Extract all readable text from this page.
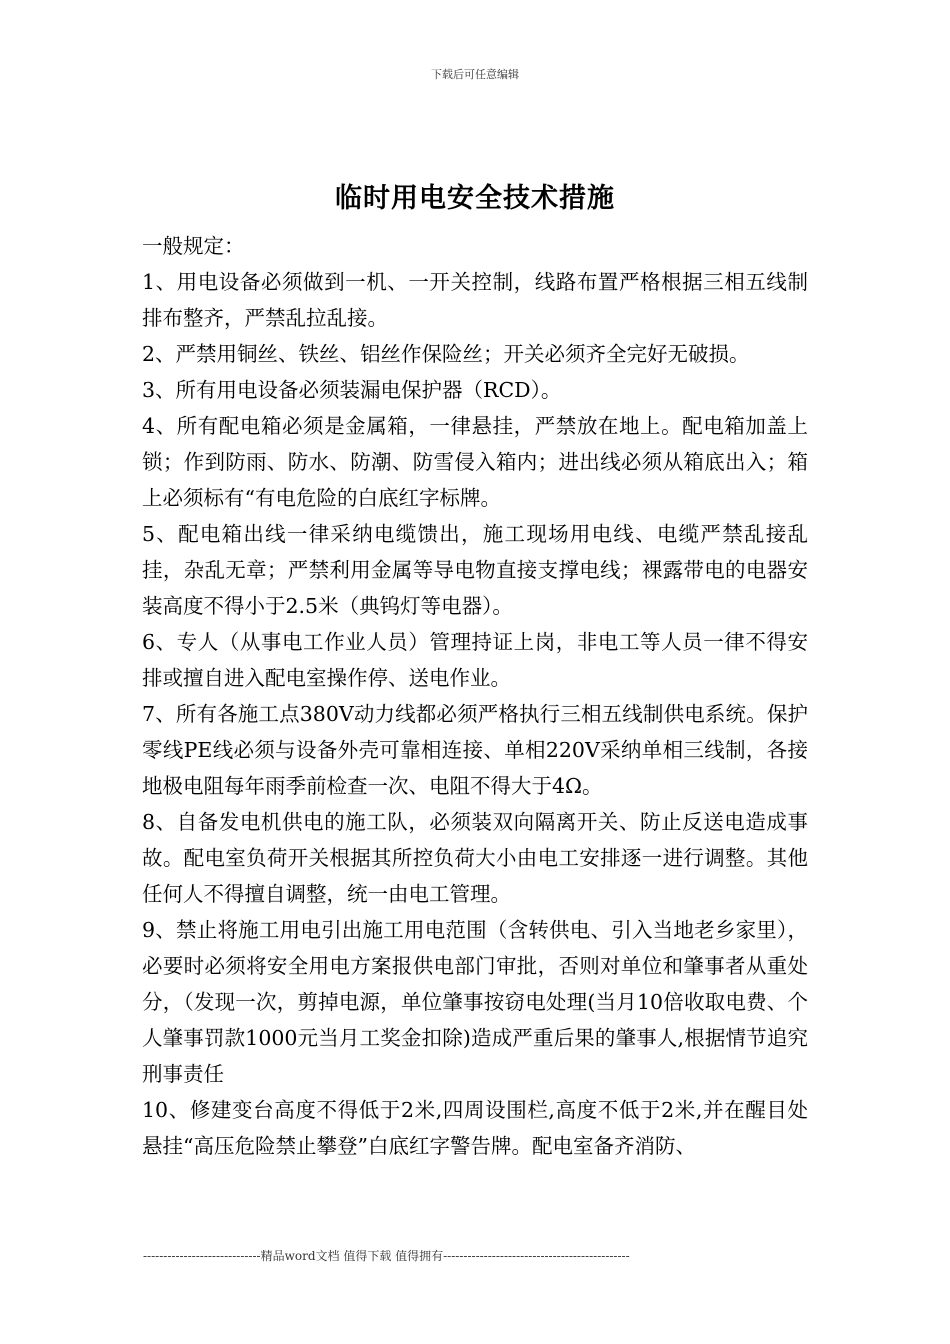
下载后可任意编辑
临时用电安全技术措施

一般规定：

1、用电设备必须做到一机、一开关控制，线路布置严格根据三相五线制排布整齐，严禁乱拉乱接。

2、严禁用铜丝、铁丝、铝丝作保险丝；开关必须齐全完好无破损。

3、所有用电设备必须装漏电保护器（RCD）。

4、所有配电箱必须是金属箱，一律悬挂，严禁放在地上。配电箱加盖上锁；作到防雨、防水、防潮、防雪侵入箱内；进出线必须从箱底出入；箱上必须标有“有电危险的白底红字标牌。

5、配电箱出线一律采纳电缆馈出，施工现场用电线、电缆严禁乱接乱挂，杂乱无章；严禁利用金属等导电物直接支撑电线；裸露带电的电器安装高度不得小于2.5米（典钨灯等电器）。

6、专人（从事电工作业人员）管理持证上岗，非电工等人员一律不得安排或擅自进入配电室操作停、送电作业。

7、所有各施工点380V动力线都必须严格执行三相五线制供电系统。保护零线PE线必须与设备外壳可靠相连接、单相220V采纳单相三线制，各接地极电阻每年雨季前检查一次、电阻不得大于4Ω。

8、自备发电机供电的施工队，必须装双向隔离开关、防止反送电造成事故。配电室负荷开关根据其所控负荷大小由电工安排逐一进行调整。其他任何人不得擅自调整，统一由电工管理。

9、禁止将施工用电引出施工用电范围（含转供电、引入当地老乡家里），必要时必须将安全用电方案报供电部门审批，否则对单位和肇事者从重处分，（发现一次，剪掉电源，单位肇事按窃电处理(当月10倍收取电费、个人肇事罚款1000元当月工奖金扣除)造成严重后果的肇事人,根据情节追究刑事责任

10、修建变台高度不得低于2米,四周设围栏,高度不低于2米,并在醒目处悬挂“高压危险禁止攀登”白底红字警告牌。配电室备齐消防、

-----------------------------精品word文档 值得下载 值得拥有----------------------------------------------
